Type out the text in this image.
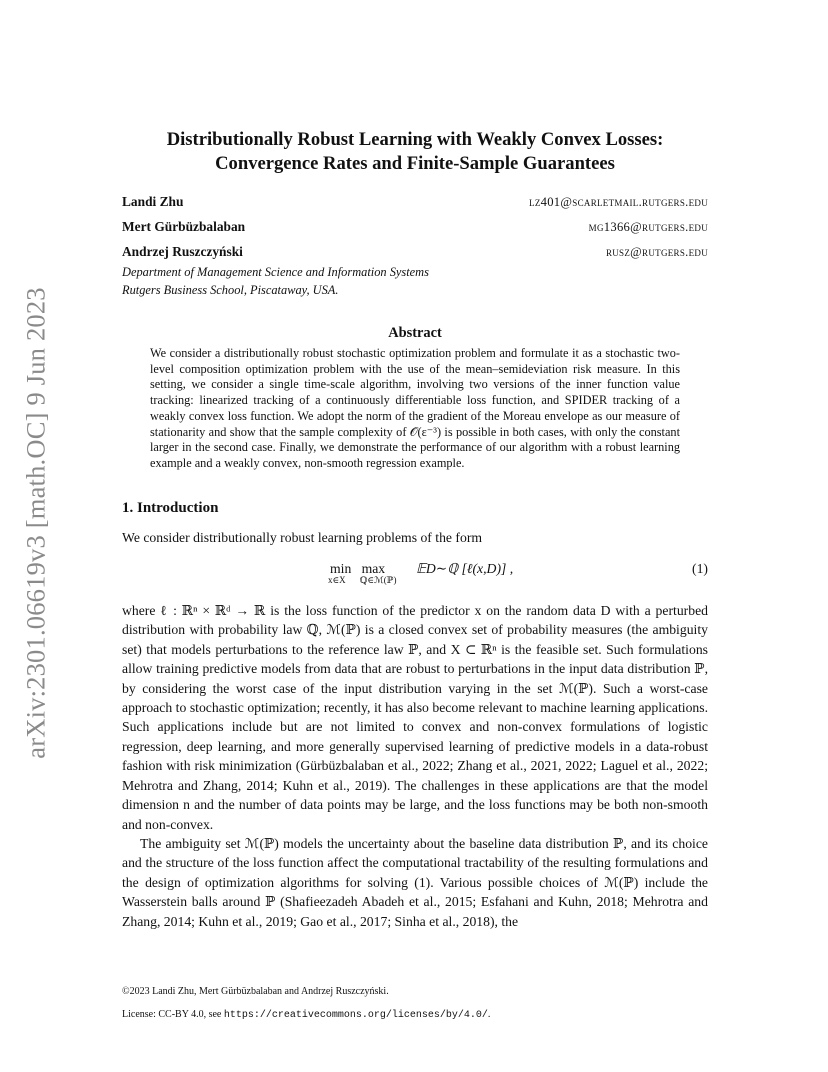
arXiv:2301.06619v3 [math.OC] 9 Jun 2023
Distributionally Robust Learning with Weakly Convex Losses:
Convergence Rates and Finite-Sample Guarantees
Landi Zhu	lz401@scarletmail.rutgers.edu
Mert Gürbüzbalaban	mg1366@rutgers.edu
Andrzej Ruszczyński	rusz@rutgers.edu
Department of Management Science and Information Systems
Rutgers Business School, Piscataway, USA.
Abstract

We consider a distributionally robust stochastic optimization problem and formulate it as a stochastic two-level composition optimization problem with the use of the mean–semideviation risk measure. In this setting, we consider a single time-scale algorithm, involving two versions of the inner function value tracking: linearized tracking of a continuously differentiable loss function, and SPIDER tracking of a weakly convex loss function. We adopt the norm of the gradient of the Moreau envelope as our measure of stationarity and show that the sample complexity of 𝒪(ε⁻³) is possible in both cases, with only the constant larger in the second case. Finally, we demonstrate the performance of our algorithm with a robust learning example and a weakly convex, non-smooth regression example.

1. Introduction

We consider distributionally robust learning problems of the form

min
x∈X
max
ℚ∈ℳ(ℙ)
𝔼D∼ℚ [ℓ(x,D)] ,	(1)

where ℓ : ℝⁿ × ℝᵈ → ℝ is the loss function of the predictor x on the random data D with a perturbed distribution with probability law ℚ, ℳ(ℙ) is a closed convex set of probability measures (the ambiguity set) that models perturbations to the reference law ℙ, and X ⊂ ℝⁿ is the feasible set. Such formulations allow training predictive models from data that are robust to perturbations in the input data distribution ℙ, by considering the worst case of the input distribution varying in the set ℳ(ℙ). Such a worst-case approach to stochastic optimization; recently, it has also become relevant to machine learning applications. Such applications include but are not limited to convex and non-convex formulations of logistic regression, deep learning, and more generally supervised learning of predictive models in a data-robust fashion with risk minimization (Gürbüzbalaban et al., 2022; Zhang et al., 2021, 2022; Laguel et al., 2022; Mehrotra and Zhang, 2014; Kuhn et al., 2019). The challenges in these applications are that the model dimension n and the number of data points may be large, and the loss functions may be both non-smooth and non-convex.

The ambiguity set ℳ(ℙ) models the uncertainty about the baseline data distribution ℙ, and its choice and the structure of the loss function affect the computational tractability of the resulting formulations and the design of optimization algorithms for solving (1). Various possible choices of ℳ(ℙ) include the Wasserstein balls around ℙ (Shafieezadeh Abadeh et al., 2015; Esfahani and Kuhn, 2018; Mehrotra and Zhang, 2014; Kuhn et al., 2019; Gao et al., 2017; Sinha et al., 2018), the

©2023 Landi Zhu, Mert Gürbüzbalaban and Andrzej Ruszczyński.
License: CC-BY 4.0, see https://creativecommons.org/licenses/by/4.0/.
